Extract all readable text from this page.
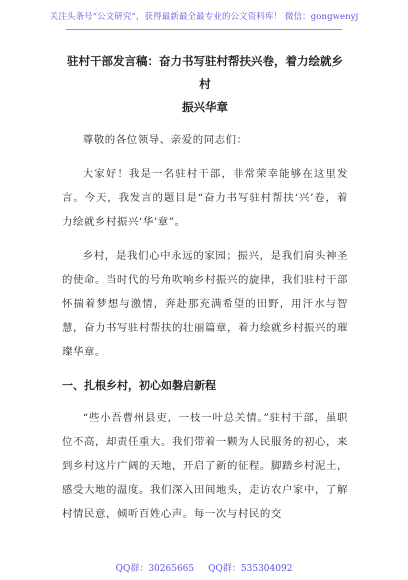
关注头条号“公文研究”，获得最新最全最专业的公文资料库！ 微信：gongwenyj
驻村干部发言稿：奋力书写驻村帮扶兴卷，着力绘就乡村
振兴华章

尊敬的各位领导、亲爱的同志们：

大家好！我是一名驻村干部，非常荣幸能够在这里发言。今天，我发言的题目是“奋力书写驻村帮扶‘兴’卷，着力绘就乡村振兴‘华’章”。

乡村，是我们心中永远的家园；振兴，是我们肩头神圣的使命。当时代的号角吹响乡村振兴的旋律，我们驻村干部怀揣着梦想与激情，奔赴那充满希望的田野，用汗水与智慧，奋力书写驻村帮扶的壮丽篇章，着力绘就乡村振兴的璀璨华章。

一、扎根乡村，初心如磐启新程

“些小吾曹州县吏，一枝一叶总关情。”驻村干部，虽职位不高，却责任重大。我们带着一颗为人民服务的初心，来到乡村这片广阔的天地，开启了新的征程。脚踏乡村泥土，感受大地的温度。我们深入田间地头，走访农户家中，了解村情民意，倾听百姓心声。每一次与村民的交

QQ群：30265665 QQ群：535304092
